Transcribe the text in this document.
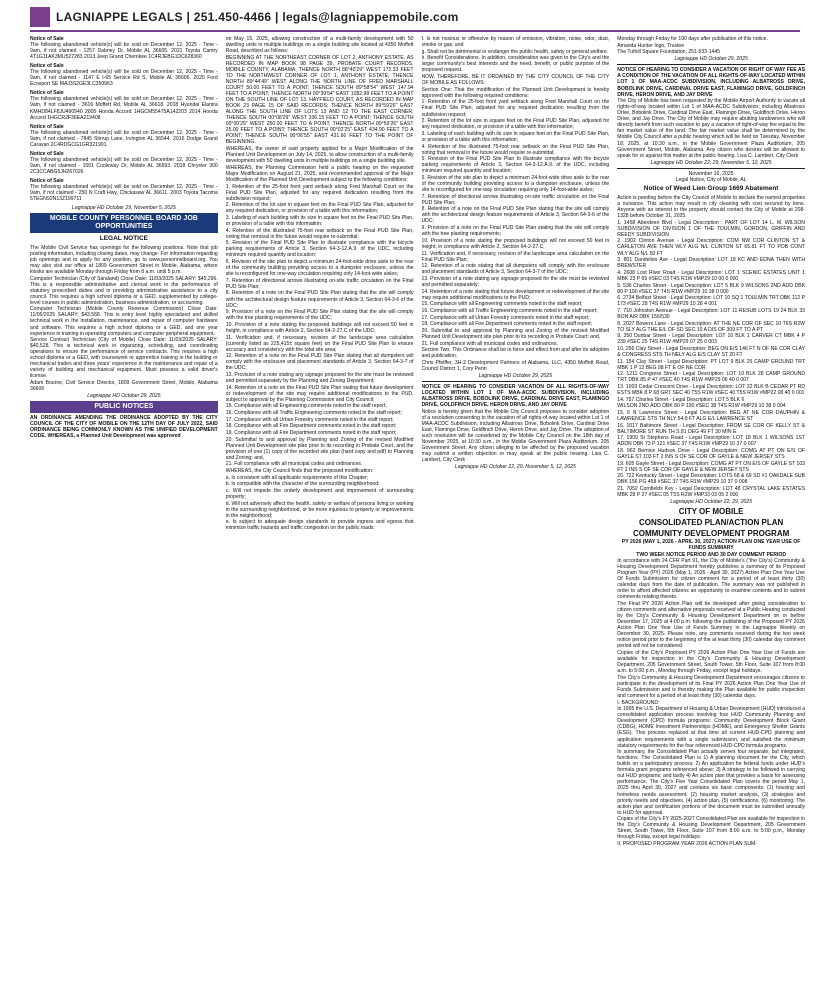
LAGNIAPPE LEGALS | 251.450-4466 | legals@lagniappemobile.com
Notice of Sale

The following abandoned vehicle(s) will be sold on December 12, 2025 - Time - 9am, if not claimed - 1257 Dabney Dr, Mobile AL 36605. 2021 Toyota Camry 4T1G11AK3MU527283 2013 Jeep Grand Cherokee 1C4RJEBG1DC628360

Notice of Sale

The following abandoned vehicle(s) will be sold on December 12, 2025 - Time - 9am, if not claimed - 1147 E I-65 Service Rd S. Mobile AL 36606. 2020 Ford Ecosport SE MAJ3S2GE3LC350963

Notice of Sale

The following abandoned vehicle(s) will be sold on December 12, 2025 - Time - 9am, if not claimed - 3616 Moffett Rd, Mobile AL 36618. 2018 Hyundai Elantra KMHD84LF8JU490940 2005 Honda Accord 1HGCM55475A142203 2014 Honda Accord 1HGCR2F36EA219408

Notice of Sale

The following abandoned vehicle(s) will be sold on December 12, 2025 - Time - 9am, if not claimed - 7845 Stirrup Lane, Irvington AL 36544. 2016 Dodge Grand Caravan 2C4RDGCG1GR321901

Notice of Sale

The following abandoned vehicle(s) will be sold on December 12, 2025 - Time - 9am, if not claimed - 1501 Cooleway Dr, Mobile AL 36693. 2018 Chrysler 300 2C3CCABG5JH267026

Notice of Sale

The following abandoned vehicle(s) will be sold on December 12, 2025 - Time - 9am, if not claimed - 250 N Craft Hwy, Chickasaw AL 36611. 2003 Toyota Tacoma 5TEGN92N13Z199711

Lagniappe HD October 29, November 5, 2025

MOBILE COUNTY PERSONNEL BOARD JOB OPPORTUNITIES
LEGAL NOTICE

The Mobile Civil Service has openings for the following positions. Note that job posting information, including closing dates, may change. For information regarding job openings and to apply for any position, go to www.personnelboard.org. You may also visit our office at 1809 Government Street in Mobile, Alabama, where kiosks are available Monday through Friday from 8 a.m. until 5 p.m.

Computer Technician (City of Saraland) Close Date: 11/03/2025 SALARY: $45,296. This is a responsible administrative and clerical work in the performance of statutory prescribed duties and in providing administrative assistance to a city council. This requires a high school diploma or a GED, supplemented by college-level courses in public administration, business administration, or accounting.

Computer Technician (Mobile County Revenue Commission) Close Date: 11/05/2025 SALARY: $43,568. This is entry level highly specialized and skilled technical work in the installation, maintenance, and repair of computer hardware and software. This requires a high school diploma or a GED, and one year experience in training in operating computers and computer peripheral equipment.

Service Contract Technician (City of Mobile) Close Date: 11/03/2025 SALARY: $40,528. This is technical work in organizing, scheduling, and coordinating operations to ensure the performance of service contracts. This requires a high school diploma or a GED, with coursework or apprentice training in the building or mechanical trades and three years' experience in the maintenance and repair of a variety of building and mechanical equipment. Must possess a valid driver's license.

Adam Bourne, Civil Service Director, 1809 Government Street, Mobile, Alabama 36606

Lagniappe HD October 29, 2025

PUBLIC NOTICES

AN ORDINANCE AMENDING THE ORDINANCE ADOPTED BY THE CITY COUNCIL OF THE CITY OF MOBILE ON THE 12TH DAY OF JULY 2022, SAID ORDINANCE BEING COMMONLY KNOWN AS THE UNIFIED DEVELOPMENT CODE. WHEREAS, a Planned Unit Development was approved

on May 15, 2025, allowing construction of a multi-family development with 50 dwelling units in multiple buildings on a single building site located at 4350 Moffett Road, described as follows:

BEGINNING AT THE NORTHEAST CORNER OF LOT 2, ANTHONY ESTATE, AS RECORDED IN MAP BOOK 98 PAGE 39, PROBATE COURT RECORDS, MOBILE COUNTY, ALABAMA; THENCE NORTH 88°40'29" WEST 172.33 FEET TO THE NORTHWEST CORNER OF LOT 1, ANTHONY ESTATE; THENCE NORTH 89°44'49" WEST ALONG THE NORTH LINE OF FRED MARSHALL COURT 50.00 FEET TO A POINT; THENCE SOUTH 89°58'54" WEST 147.94 FEET TO A POINT; THENCE NORTH 00°39'54" EAST 1082.98 FEET TO A POINT ON THE SOUTH LINE OF LOT 13, HAYFIELD COURT, AS RECORDED IN MAP BOOK 23 PAGE 15 OF SAID RECORDS; THENCE NORTH 89°59'26" EAST ALONG THE SOUTH LINE OF LOTS 13 AND 12 TO THE EAST CORNER; THENCE SOUTH 00°08'29" WEST 336.15 FEET TO A POINT; THENCE SOUTH 00°00'29" WEST 250.00 FEET TO A POINT; THENCE NORTH 89°59'26" EAST 25.00 FEET TO A POINT; THENCE SOUTH 00°02'25" EAST 434.90 FEET TO A POINT; THENCE SOUTH 00°06'55" EAST 431.66 FEET TO THE POINT OF BEGINNING.

WHEREAS, the owner of said property applied for a Major Modification of the Planned Unit Development on July 14, 2025, to allow construction of a multi-family development with 50 dwelling units in multiple buildings on a single building site.

WHEREAS, the Planning Commission held a public hearing on the requested Major Modification on August 21, 2025, and recommended approval of the Major Modification of the Planned Unit Development subject to the following conditions:

1. Retention of the 25-foot front yard setback along Fred Marshall Court on the Final PUD Site Plan, adjusted for any required dedication resulting from the subdivision request;

2. Retention of the lot size in square feet on the Final PUD Site Plan, adjusted for any required dedication, or provision of a table with this information;

3. Labeling of each building with its size in square feet on the Final PUD Site Plan, or provision of a table with this information;

4. Retention of the illustrated 75-foot rear setback on the Final PUD Site Plan, noting that removal in the future would require re-submittal;

5. Revision of the Final PUD Site Plan to illustrate compliance with the bicycle parking requirements of Article 3, Section 64-3-12.A.9. of the UDC, including minimum required quantity and location;

6. Revision of the site plan to depict a minimum 24-foot-wide drive aisle to the rear of the community building providing access to a dumpster enclosure, unless the site is reconfigured for one-way circulation requiring only 14-foot-wide aisles;

7. Retention of directional arrows illustrating on-site traffic circulation on the Final PUD Site Plan;

8. Retention of a note on the Final PUD Site Plan stating that the site will comply with the architectural design feature requirements of Article 3, Section 64-3-6 of the UDC;

9. Provision of a note on the Final PUD Site Plan stating that the site will comply with the tree planting requirements of the UDC;

10. Provision of a note stating the proposed buildings will not exceed 50 feet in height, in compliance with Article 2, Section 64-2-27.C of the UDC;

11. Verification and, if necessary, revision of the landscape area calculation (currently listed as 225,415± square feet) on the Final PUD Site Plan to ensure accuracy and consistency with the total site area;

12. Retention of a note on the Final PUD Site Plan stating that all dumpsters will comply with the enclosure and placement standards of Article 3, Section 64-3-7 of the UDC;

13. Provision of a note stating any signage proposed for the site must be reviewed and permitted separately by the Planning and Zoning Department;

14. Retention of a note on the Final PUD Site Plan stating that future development or redevelopment of the site may require additional modifications to the PUD, subject to approval by the Planning Commission and City Council;

15. Compliance with all Engineering comments noted in the staff report;

16. Compliance with all Traffic Engineering comments noted in the staff report;

17. Compliance with all Urban Forestry comments noted in the staff report;

18. Compliance with all Fire Department comments noted in the staff report;

19. Compliance with all Fire Department comments noted in the staff report;

20. Submittal to and approval by Planning and Zoning of the revised Modified Planned Unit Development site plan prior to its recording in Probate Court, and the provision of one (1) copy of the recorded site plan (hard copy and pdf) to Planning and Zoning; and,

21. Full compliance with all municipal codes and ordinances.

WHEREAS, the City Council finds that the proposed modification:

a. Is consistent with all applicable requirements of this Chapter;

b. Is compatible with the character of the surrounding neighborhood;

c. Will not impede the orderly development and improvement of surrounding property;

d. Will not adversely affect the health, safety or welfare of persons living or working in the surrounding neighborhood, or be more injurious to property or improvements in the neighborhood;

e. Is subject to adequate design standards to provide ingress and egress that minimize traffic hazards and traffic congestion on the public roads;

f. Is not noxious or offensive by reason of emission, vibration, noise, odor, dust, smoke or gas; and

g. Shall not be detrimental or endanger the public health, safety or general welfare.

h. Benefit Considerations. In addition, consideration was given to the City's and the larger community's best interests and the need, benefit, or public purpose of the proposed request.

NOW, THEREFORE, BE IT ORDAINED BY THE CITY COUNCIL OF THE CITY OF MOBILE AS FOLLOWS:

Section One: That the modification of the Planned Unit Development is hereby approved with the following required conditions:

1. Retention of the 25-foot front yard setback along Fred Marshall Court on the Final PUD Site Plan, adjusted for any required dedication resulting from the subdivision request;

2. Retention of the lot size in square feet on the Final PUD Site Plan, adjusted for any required dedication, or provision of a table with this information;

3. Labeling of each building with its size in square feet on the Final PUD Site Plan, or provision of a table with this information;

4. Retention of the illustrated 75-foot rear setback on the Final PUD Site Plan, noting that removal in the future would require re-submittal;

5. Revision of the Final PUD Site Plan to illustrate compliance with the bicycle parking requirements of Article 3, Section 64-3-12.A.9. of the UDC, including minimum required quantity and location;

6. Revision of the site plan to depict a minimum 24-foot-wide drive aisle to the rear of the community building providing access to a dumpster enclosure, unless the site is reconfigured for one-way circulation requiring only 14-foot-wide aisles;

7. Retention of directional arrows illustrating on-site traffic circulation on the Final PUD Site Plan;

8. Retention of a note on the Final PUD Site Plan stating that the site will comply with the architectural design feature requirements of Article 3, Section 64-3-6 of the UDC;

9. Provision of a note on the Final PUD Site Plan stating that the site will comply with the tree planting requirements;

10. Provision of a note stating the proposed buildings will not exceed 50 feet in height, in compliance with Article 2, Section 64-2-27.C;

11. Verification and, if necessary, revision of the landscape area calculation on the Final PUD Site Plan;

12. Retention of a note stating that all dumpsters will comply with the enclosure and placement standards of Article 3, Section 64-3-7 of the UDC;

13. Provision of a note stating any signage proposed for the site must be reviewed and permitted separately;

14. Retention of a note stating that future development or redevelopment of the site may require additional modifications to the PUD;

15. Compliance with all Engineering comments noted in the staff report;

16. Compliance with all Traffic Engineering comments noted in the staff report;

17. Compliance with all Urban Forestry comments noted in the staff report;

18. Compliance with all Fire Department comments noted in the staff report;

20. Submittal to and approval by Planning and Zoning of the revised Modified Planned Unit Development site plan prior to its recording in Probate Court; and,

21. Full compliance with all municipal codes and ordinances.

Section Two. This Ordinance shall be in force and effect from and after its adoption and publication.

Chris Pfeiffer, 3H-2 Development Partners of Alabama, LLC, 4350 Moffett Road, Council District 1, Cory Penn

Lagniappe HD October 29, 2025

NOTICE OF HEARING TO CONSIDER VACATION OF ALL RIGHTS-OF-WAY LOCATED WITHIN LOT 1 OF MAA-ACDC SUBDIVISION, INCLUDING ALBATROSS DRIVE, BOBOLINK DRIVE, CARDINAL DRIVE EAST, FLAMINGO DRIVE, GOLDFINCH DRIVE, HERON DRIVE, AND JAY DRIVE

Notice is hereby given that the Mobile City Council proposes to consider adoption of a resolution consenting to the vacation of all rights-of-way located within Lot 1 of MAA-ACDC Subdivision, including Albatross Drive, Bobolink Drive, Cardinal Drive East, Flamingo Drive, Goldfinch Drive, Heron Drive, and Jay Drive. The adoption of such resolution will be considered by the Mobile City Council on the 18th day of November 2025, at 10:30 a.m., in the Mobile Government Plaza Auditorium, 205 Government Street. Any citizen alleging to be affected by the proposed vacation may submit a written objection or may speak at the public hearing. Lisa C. Lambert, City Clerk

Lagniappe HD October 22, 29, November 5, 12, 2025

Monday through Friday for 190 days after publication of this notice.

Amanda Hunter Ingo, Trustee

The Tuthill Square Foundation, 251-533-1445

Lagniappe HD October 29, 2025

NOTICE OF HEARING TO CONSIDER A VACATION OF RIGHT OF WAY FEE AS A CONDITION OF THE VACATION OF ALL RIGHTS-OF-WAY LOCATED WITHIN LOT 1 OF MAA-ACDC SUBDIVISION, INCLUDING ALBATROSS DRIVE, BOBOLINK DRIVE, CARDINAL DRIVE EAST, FLAMINGO DRIVE, GOLDFINCH DRIVE, HERON DRIVE, AND JAY DRIVE

The City of Mobile has been requested by the Mobile Airport Authority to vacate all rights-of-way located within Lot 1 of MAA-ACDC Subdivision; including Albatross Drive, Bobolink Drive, Cardinal Drive East, Flamingo Drive, Goldfinch Drive, Heron Drive, and Jay Drive. The City of Mobile may require abutting landowners who will directly benefit from such vacation to pay a vacation of right-of-way fee equal to the fair market value of the land. The fair market value shall be determined by the Mobile City Council after a public hearing which will be held on Tuesday, November 18, 2025, at 10:30 a.m., in the Mobile Government Plaza Auditorium, 205 Government Street, Mobile, Alabama. Any citizen who desires will be allowed to speak for or against this matter at the public hearing. Lisa C. Lambert, City Clerk

Lagniappe HD October 22, 29, November 5, 12, 2025

November 16, 2025

Legal Notice, City of Mobile, AL

Notice of Weed Lien Group 1669 Abatement

Action is pending before the City Council of Mobile to declare the named properties a nuisance. This action may result in city cleaning with cost secured by liens. Anyone with an interest in the property should contact the City of Mobile at 208-1328 before October 31, 2025.

1. 1458 Aberdeen Blvd - Legal Description : PART OF LOT 14 L. M. WILSON SUBDIVISION OF DIVISION 1 OF THE TOULMIN, GORDON, GRIFFIN AND REEDY SUBDIVISION

2. 1902 Clinton Avenue - Legal Description: COM NW COR CLINTON ST & CARLETON AVE THEN WLY ALG N/L CLINTON ST 65.81 FT TO POB CONT WLY ALG N/L 50 FT

3. 801 Dandelion Ave - Legal Description: LOT 18 KC AND EDNA THEN WITH BREWSTER

4. 2608 Lost River Road - Legal Description: LOT 1 SCENIC ESTATES UNIT 1 MBK 23 P 65 #SEC 03 T4S R1W #MP29 10 00 0 000

5. 536 Charles Street - Legal Description: LOT 5 BLK 9 WILSONS 2ND ADD DBK 80 P 190 #SEC 37 T4S R1W #MP29 10 38 0 000

6. 2734 Belfast Street - Legal Description: LOT 10 SQ 1 TOULMIN TRT DBK 112 P 173 #SEC 28 T4S R1W #MP29 10 28 4 001

7. 710 Johnston Avenue - Legal Description: LOT 11 RESUB LOTS 19 24 BLK 33 BON AIR DBK 156/530

8. 2027 Bowers Lane - Legal Description: AT THE NE COR OF SEC 10 T6S R2W TO SLY ALG THE E/L OF SD SEC 10 A DIS OF 309 FT TO A PT

9. 350 Dunbar Street - Legal Description: LOT 10 BLK 1 CARVER CT MBK 4 P 239 #SEC 25 T4S R1W #MP29 07 25 0 003

10. 256 Clay Street - Legal Description: BEG ON E/S 146 FT N OF NE COR CLAY & CONGRESS STS TH NELY ALG E/S CLAY ST 20 FT

11. 154 Clay Street - Legal Description: PT LOT 9 BLK 25 CAMP GROUND TRT MBK 1 P 12 BEG 98 FT E OF NE COR

12. 1211 Congress Street - Legal Description: LOT 10 BLK 28 CAMP GROUND TRT DBK 85 P 47 #SEC 40 T4S R1W #MP29 06 40 0 007

13. 1003 Cedar Crescent Drive - Legal Description: LOT 22 BLK B CEDAR PT RD ESTS MBK 8 P 68 GRT SEC 40 T5S R1W #SEC 40 T5S R1W #MP22 08 40 0 001

14. 757 Charles Street - Legal Description: LOT 5 BLK 6

WILSON 2ND ADD DBK 80 P 190 #SEC 38 T4S R1W #MP29 10 38 0 004

15. 6 N Lawrence Street - Legal Description: BEG AT NE COR DAUPHIN & LAWRENCE STS TH NLY 54.9 FT ALG E/L LAWRENCE ST

16. 1017 Baltimore Street - Legal Description: FROM SE COR OF KELLY ST & BALTIMORE ST RUN TH S 81 DEG 49 FT 30 MIN E

17. 1909 St Stephens Road - Legal Description: LOT 18 BLK 1 WILSONS 1ST ADDN DBK 73 P 121 #SEC 37 T4S R1W #MP29 10 37 0 007

18. 962 Bernice Hudson Drive - Legal Description: COMG AT PT ON E/S OF GAYLE ST 103 FT 2 INS S OF SE COR OF GAYLE & NEW JERSEY STS

19. 605 Gayle Street - Legal Description: COMG AT PT ON E/S OF GAYLE ST 103 FT 2 INS S OF SE COR OF GAYLE & NEW JERSEY STS

20. 722 Kentucky Street - Legal Description: LOTS 68 & 69 SD #1 OAKDALE SUB DBK 156 PG 458 #SEC 37 T4S R1W #MP29 10 37 0 008

21. 7052 Cornfields Key - Legal Description: LOT 48 CRYSTAL LAKE ESTATES MBK 28 P 27 #SEC 05 T5S R2W #MP33 03 05 2 000

Lagniappe HD October 22, 29, 2025

CITY OF MOBILE

CONSOLIDATED PLAN/ACTION PLAN

COMMUNITY DEVELOPMENT PROGRAM

PY 2026 (MAY 1, 2026 - APRIL 30, 2027) ACTION PLAN ONE YEAR USE OF FUNDS SUMMARY

TWO WEEK NOTICE PERIOD AND 30 DAY COMMENT PERIOD

In accordance with 24 CFR Part 91, the City of Mobile's ("the City's) Community & Housing Development Department hereby publishes a summary of its Proposed Program Year (PY) 2026 (May 1, 2026 - April 30, 2027) Action Plan One Year Use Of Funds Submission for citizen comment for a period of at least thirty (30) calendar days from the date of publication. The summary was not published in order to afford affected citizens an opportunity to examine contents and to submit comments relating thereto.

The Final PY 2026 Action Plan will be developed after giving consideration to citizen comments and alternative proposals received at a Public Hearing conducted by the City's Community & Housing Development Department on or before December 17, 2025 at 4:00 p.m. following the publishing of the Proposed PY 2026 Action Plan One Year Use of Funds Summary in the Lagniappe Weekly on December 30, 2025. Please note, any comments received during the two week notice period prior to the beginning of the at least thirty (30) calendar day comment period will not be considered.

Copies of the City's Proposed PY 2026 Action Plan One Year Use of Funds are available for inspection in the City's Community & Housing Development Department, 205 Government Street, South Tower, 5th Floor, Suite 107 from 8:00 a.m. to 5:00 p.m., Monday through Friday, except legal holidays.

The City's Community & Housing Development Department encourages citizens to participate in the development of its Final PY 2026 Action Plan One Year Use of Funds Submission and is thereby making the Plan available for public inspection and comment for a period of at least thirty (30) calendar days.

I. BACKGROUND:

In 1995 the U.S. Department of Housing & Urban Development (HUD) introduced a consolidated application process involving four HUD Community Planning and Development (CPD) formula programs: Community Development Block Grant (CDBG), HOME Investment Partnerships (HOME), and Emergency Shelter Grants (ESG). This process replaced at that time all current HUD-CPD planning and application requirements with a single submission, and satisfied the minimum statutory requirements for the four referenced HUD-CPD formula programs.

In summary, the Consolidated Plan actually serves four separate, but integrated, functions. The Consolidated Plan is 1) A planning document for the City, which builds on a participatory process; 2) An application for federal funds under HUD's formula grant programs referenced above; 3) A strategy to be followed in carrying out HUD programs; and lastly 4) An action plan that provides a basis for assessing performance. The City's Five Year Consolidated Plan covers the period May 1, 2025 thru April 30, 2027 and contains six basic components: (1) housing and homeless needs assessment, (2) housing market analysis, (3) strategies and priority needs and objectives, (4) action plan, (5) certifications, (6) monitoring. The action plan and certification portions of the document must be submitted annually to HUD for approval.

Copies of the City's FY 2025-2027 Consolidated Plan are available for inspection in the City's Community & Housing Development Department, 205 Government Street, South Tower, 5th Floor, Suite 107 from 8:00 a.m. to 5:00 p.m., Monday through Friday, except legal holidays.

II. PROPOSED PROGRAM YEAR 2026 ACTION PLAN SUM-
